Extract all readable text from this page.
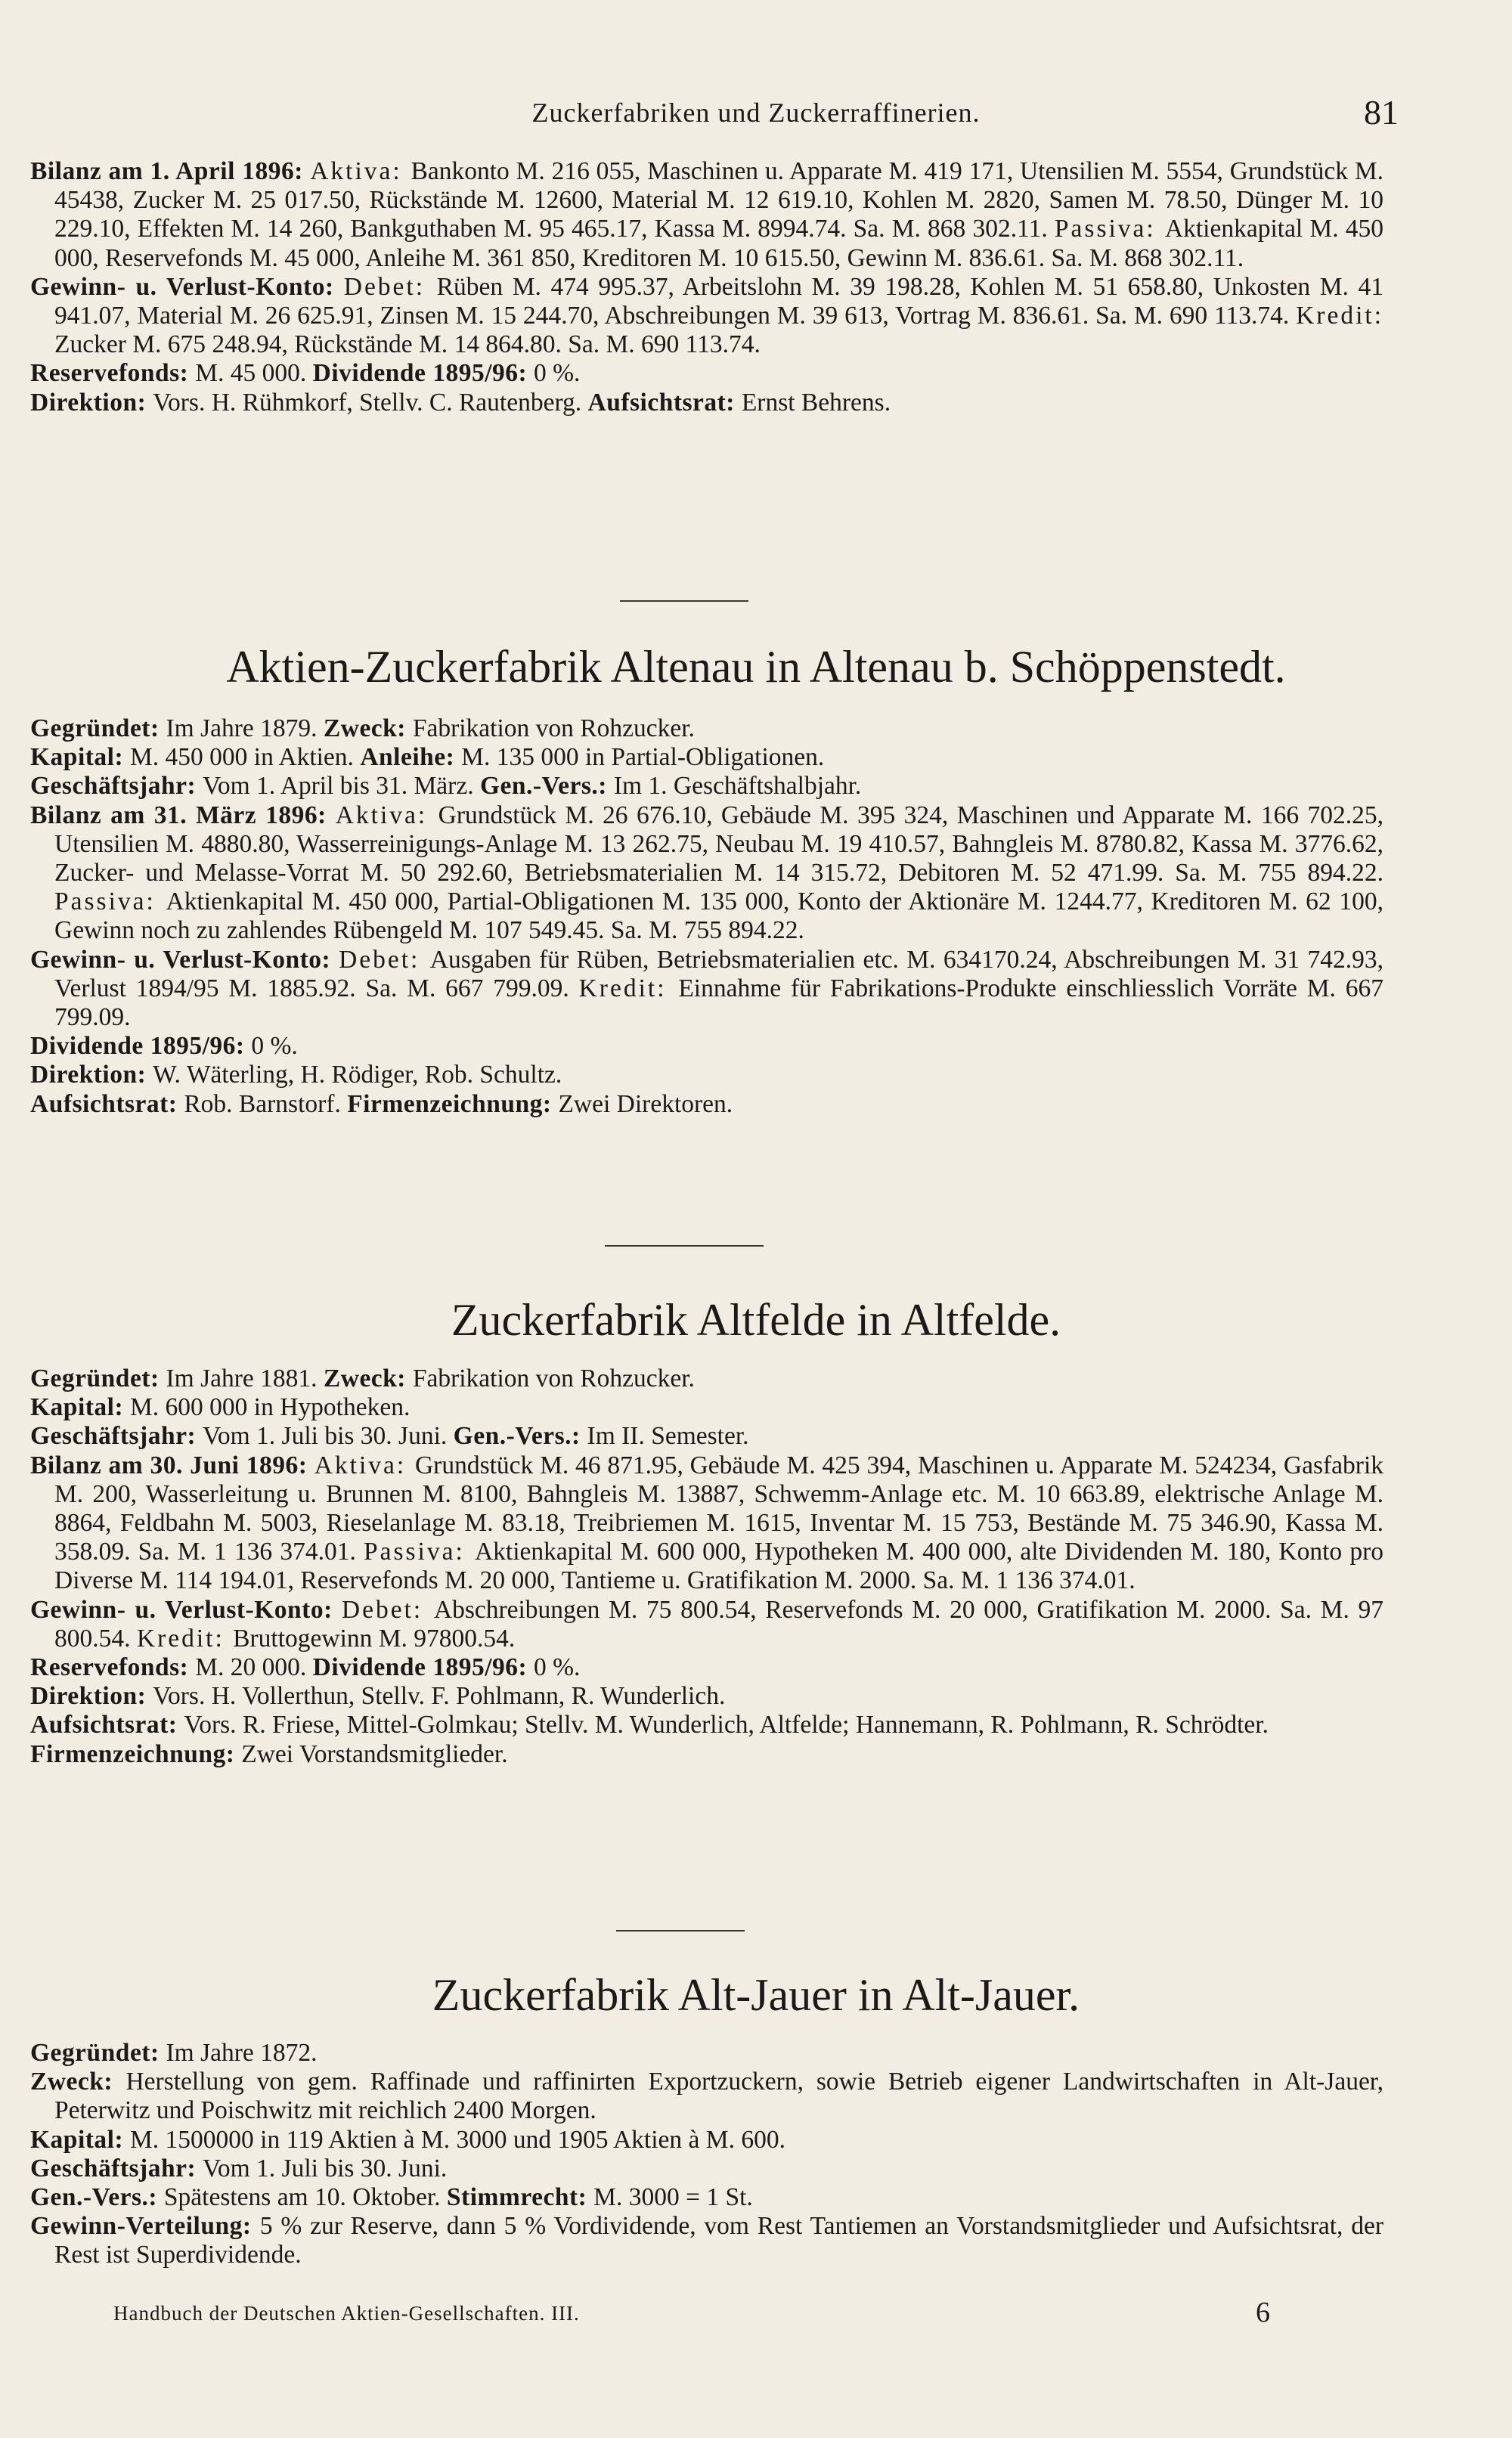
Zuckerfabriken und Zuckerraffinerien.	81

Bilanz am 1. April 1896: Aktiva: Bankonto M. 216 055, Maschinen u. Apparate M. 419 171, Utensilien M. 5554, Grundstück M. 45438, Zucker M. 25 017.50, Rückstände M. 12600, Material M. 12 619.10, Kohlen M. 2820, Samen M. 78.50, Dünger M. 10 229.10, Effekten M. 14 260, Bankguthaben M. 95 465.17, Kassa M. 8994.74. Sa. M. 868 302.11. Passiva: Aktienkapital M. 450 000, Reservefonds M. 45 000, Anleihe M. 361 850, Kreditoren M. 10 615.50, Gewinn M. 836.61. Sa. M. 868 302.11.

Gewinn- u. Verlust-Konto: Debet: Rüben M. 474 995.37, Arbeitslohn M. 39 198.28, Kohlen M. 51 658.80, Unkosten M. 41 941.07, Material M. 26 625.91, Zinsen M. 15 244.70, Abschreibungen M. 39 613, Vortrag M. 836.61. Sa. M. 690 113.74. Kredit: Zucker M. 675 248.94, Rückstände M. 14 864.80. Sa. M. 690 113.74.

Reservefonds: M. 45 000. Dividende 1895/96: 0 %.

Direktion: Vors. H. Rühmkorf, Stellv. C. Rautenberg. Aufsichtsrat: Ernst Behrens.

Aktien-Zuckerfabrik Altenau in Altenau b. Schöppenstedt.

Gegründet: Im Jahre 1879. Zweck: Fabrikation von Rohzucker.

Kapital: M. 450 000 in Aktien. Anleihe: M. 135 000 in Partial-Obligationen.

Geschäftsjahr: Vom 1. April bis 31. März. Gen.-Vers.: Im 1. Geschäftshalbjahr.

Bilanz am 31. März 1896: Aktiva: Grundstück M. 26 676.10, Gebäude M. 395 324, Maschinen und Apparate M. 166 702.25, Utensilien M. 4880.80, Wasserreinigungs-Anlage M. 13 262.75, Neubau M. 19 410.57, Bahngleis M. 8780.82, Kassa M. 3776.62, Zucker- und Melasse-Vorrat M. 50 292.60, Betriebsmaterialien M. 14 315.72, Debitoren M. 52 471.99. Sa. M. 755 894.22. Passiva: Aktienkapital M. 450 000, Partial-Obligationen M. 135 000, Konto der Aktionäre M. 1244.77, Kreditoren M. 62 100, Gewinn noch zu zahlendes Rübengeld M. 107 549.45. Sa. M. 755 894.22.

Gewinn- u. Verlust-Konto: Debet: Ausgaben für Rüben, Betriebsmaterialien etc. M. 634170.24, Abschreibungen M. 31 742.93, Verlust 1894/95 M. 1885.92. Sa. M. 667 799.09. Kredit: Einnahme für Fabrikations-Produkte einschliesslich Vorräte M. 667 799.09.

Dividende 1895/96: 0 %.

Direktion: W. Wäterling, H. Rödiger, Rob. Schultz.

Aufsichtsrat: Rob. Barnstorf. Firmenzeichnung: Zwei Direktoren.

Zuckerfabrik Altfelde in Altfelde.

Gegründet: Im Jahre 1881. Zweck: Fabrikation von Rohzucker.

Kapital: M. 600 000 in Hypotheken.

Geschäftsjahr: Vom 1. Juli bis 30. Juni. Gen.-Vers.: Im II. Semester.

Bilanz am 30. Juni 1896: Aktiva: Grundstück M. 46 871.95, Gebäude M. 425 394, Maschinen u. Apparate M. 524234, Gasfabrik M. 200, Wasserleitung u. Brunnen M. 8100, Bahngleis M. 13887, Schwemm-Anlage etc. M. 10 663.89, elektrische Anlage M. 8864, Feldbahn M. 5003, Rieselanlage M. 83.18, Treibriemen M. 1615, Inventar M. 15 753, Bestände M. 75 346.90, Kassa M. 358.09. Sa. M. 1 136 374.01. Passiva: Aktienkapital M. 600 000, Hypotheken M. 400 000, alte Dividenden M. 180, Konto pro Diverse M. 114 194.01, Reservefonds M. 20 000, Tantieme u. Gratifikation M. 2000. Sa. M. 1 136 374.01.

Gewinn- u. Verlust-Konto: Debet: Abschreibungen M. 75 800.54, Reservefonds M. 20 000, Gratifikation M. 2000. Sa. M. 97 800.54. Kredit: Bruttogewinn M. 97800.54.

Reservefonds: M. 20 000. Dividende 1895/96: 0 %.

Direktion: Vors. H. Vollerthun, Stellv. F. Pohlmann, R. Wunderlich.

Aufsichtsrat: Vors. R. Friese, Mittel-Golmkau; Stellv. M. Wunderlich, Altfelde; Hannemann, R. Pohlmann, R. Schrödter.

Firmenzeichnung: Zwei Vorstandsmitglieder.

Zuckerfabrik Alt-Jauer in Alt-Jauer.

Gegründet: Im Jahre 1872.

Zweck: Herstellung von gem. Raffinade und raffinirten Exportzuckern, sowie Betrieb eigener Landwirtschaften in Alt-Jauer, Peterwitz und Poischwitz mit reichlich 2400 Morgen.

Kapital: M. 1500000 in 119 Aktien à M. 3000 und 1905 Aktien à M. 600.

Geschäftsjahr: Vom 1. Juli bis 30. Juni.

Gen.-Vers.: Spätestens am 10. Oktober. Stimmrecht: M. 3000 = 1 St.

Gewinn-Verteilung: 5 % zur Reserve, dann 5 % Vordividende, vom Rest Tantiemen an Vorstandsmitglieder und Aufsichtsrat, der Rest ist Superdividende.

Handbuch der Deutschen Aktien-Gesellschaften. III.	6
